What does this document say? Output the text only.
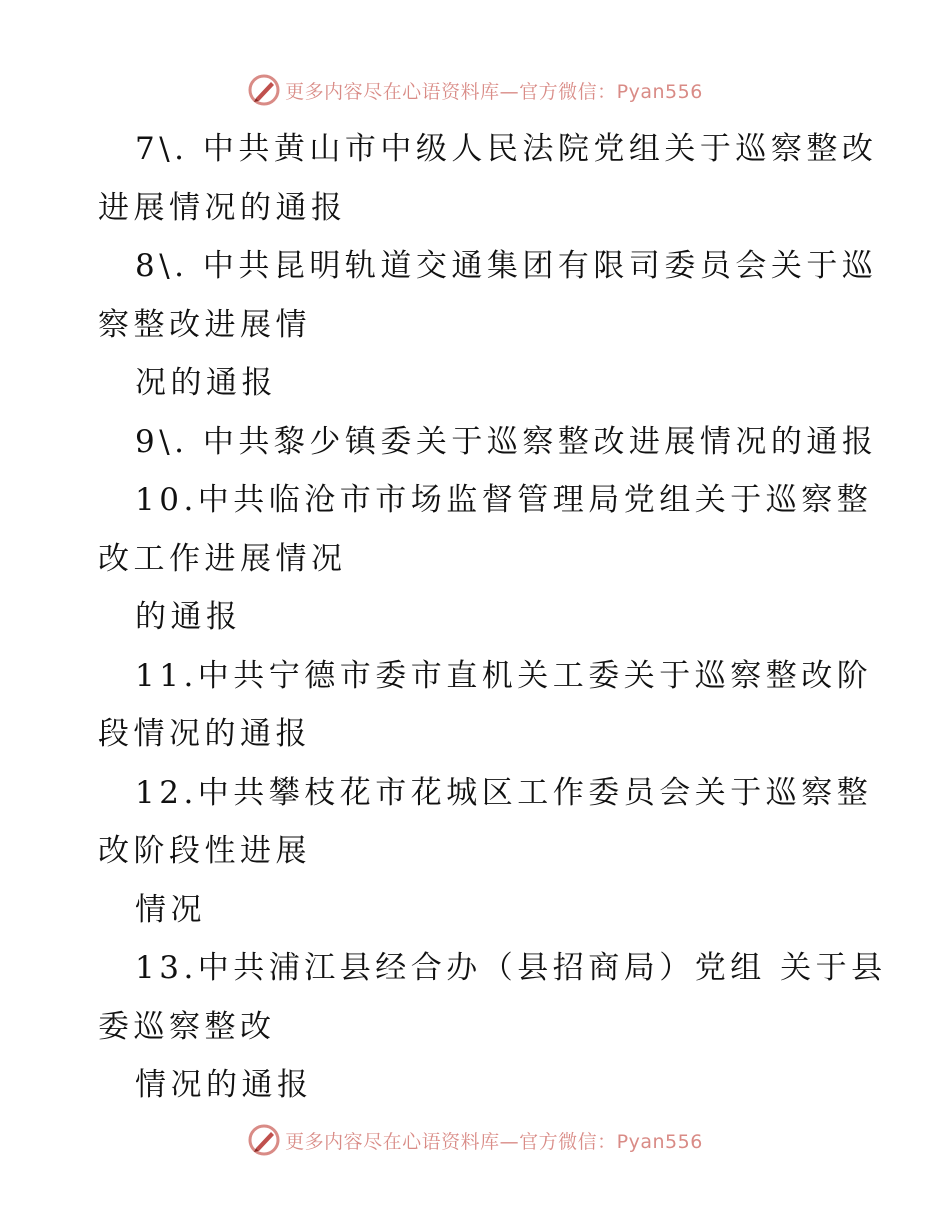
更多内容尽在心语资料库—官方微信：Pyan556
7\. 中共黄山市中级人民法院党组关于巡察整改
进展情况的通报
8\. 中共昆明轨道交通集团有限司委员会关于巡
察整改进展情
况的通报
9\. 中共黎少镇委关于巡察整改进展情况的通报
10.中共临沧市市场监督管理局党组关于巡察整
改工作进展情况
的通报
11.中共宁德市委市直机关工委关于巡察整改阶
段情况的通报
12.中共攀枝花市花城区工作委员会关于巡察整
改阶段性进展
情况
13.中共浦江县经合办（县招商局）党组 关于县
委巡察整改
情况的通报
更多内容尽在心语资料库—官方微信：Pyan556
